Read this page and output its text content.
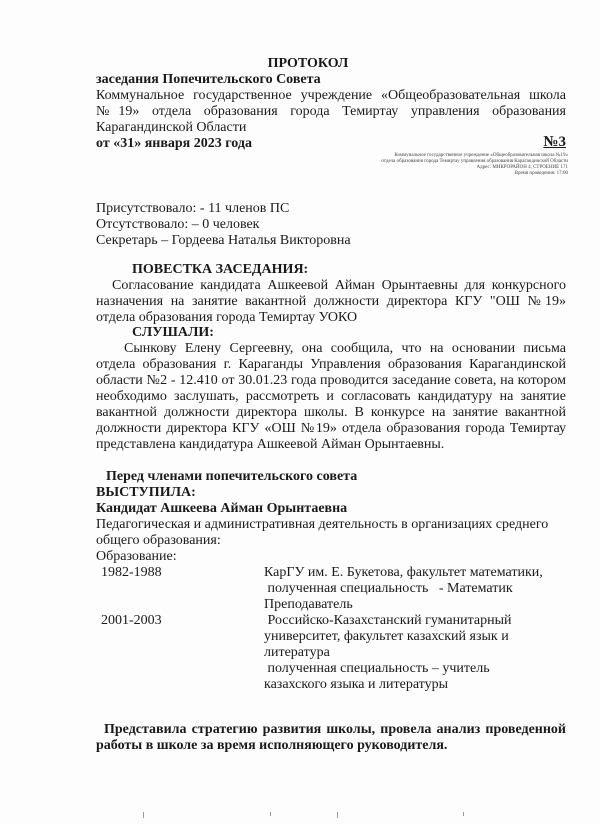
ПРОТОКОЛ
заседания Попечительского Совета
Коммунальное государственное учреждение «Общеобразовательная школа
№19» отдела образования города Темиртау управления образования
Карагандинской Области
от «31» января 2023 года	№3
Коммунальное государственное учреждение «Общеобразовательная школа №19»
отдела образования города Темиртау управления образования Карагандинской Области
Адрес: МИКРОРАЙОН 4, СТРОЕНИЕ 171
Время проведения: 17:00
Присутствовало: - 11 членов ПС
Отсутствовало: – 0 человек
Секретарь – Гордеева Наталья Викторовна
ПОВЕСТКА ЗАСЕДАНИЯ:
Согласование кандидата Ашкеевой Айман Орынтаевны для конкурсного
назначения на занятие вакантной должности директора КГУ "ОШ №19»
отдела образования города Темиртау УОКО
СЛУШАЛИ:
Сынкову Елену Сергеевну, она сообщила, что на основании письма
отдела образования г. Караганды Управления образования Карагандинской
области №2 - 12.410 от 30.01.23 года проводится заседание совета, на котором
необходимо заслушать, рассмотреть и согласовать кандидатуру на занятие
вакантной должности директора школы. В конкурсе на занятие вакантной
должности директора КГУ «ОШ №19» отдела образования города Темиртау
представлена кандидатура Ашкеевой Айман Орынтаевны.
Перед членами попечительского совета
ВЫСТУПИЛА:
Кандидат Ашкеева Айман Орынтаевна
Педагогическая и административная деятельность в организациях среднего
общего образования:
Образование:
1982-1988	КарГУ им. Е. Букетова, факультет математики,
полученная специальность   - Математик
Преподаватель
2001-2003	Российско-Казахстанский гуманитарный
университет, факультет казахский язык и
литература
полученная специальность – учитель
казахского языка и литературы
Представила стратегию развития школы, провела анализ проведенной
работы в школе за время исполняющего руководителя.
